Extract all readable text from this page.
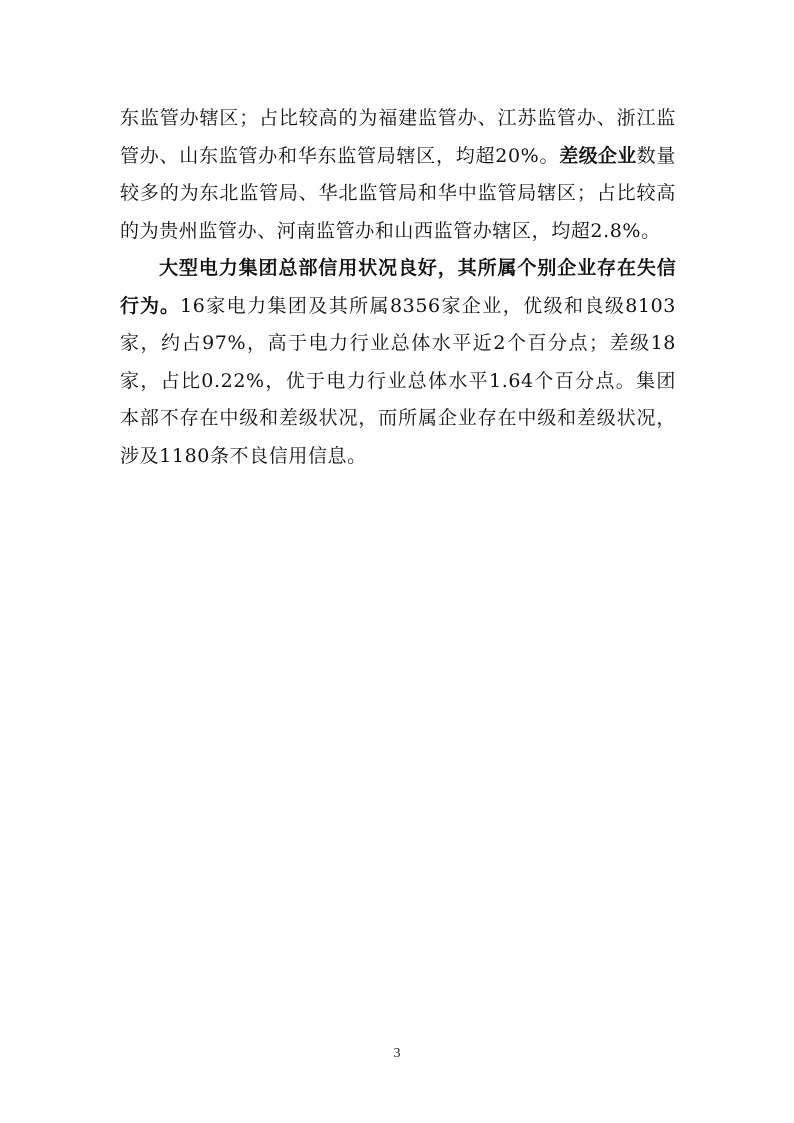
东监管办辖区；占比较高的为福建监管办、江苏监管办、浙江监管办、山东监管办和华东监管局辖区，均超20%。差级企业数量较多的为东北监管局、华北监管局和华中监管局辖区；占比较高的为贵州监管办、河南监管办和山西监管办辖区，均超2.8%。

大型电力集团总部信用状况良好，其所属个别企业存在失信行为。16家电力集团及其所属8356家企业，优级和良级8103家，约占97%，高于电力行业总体水平近2个百分点；差级18家，占比0.22%，优于电力行业总体水平1.64个百分点。集团本部不存在中级和差级状况，而所属企业存在中级和差级状况，涉及1180条不良信用信息。

3
